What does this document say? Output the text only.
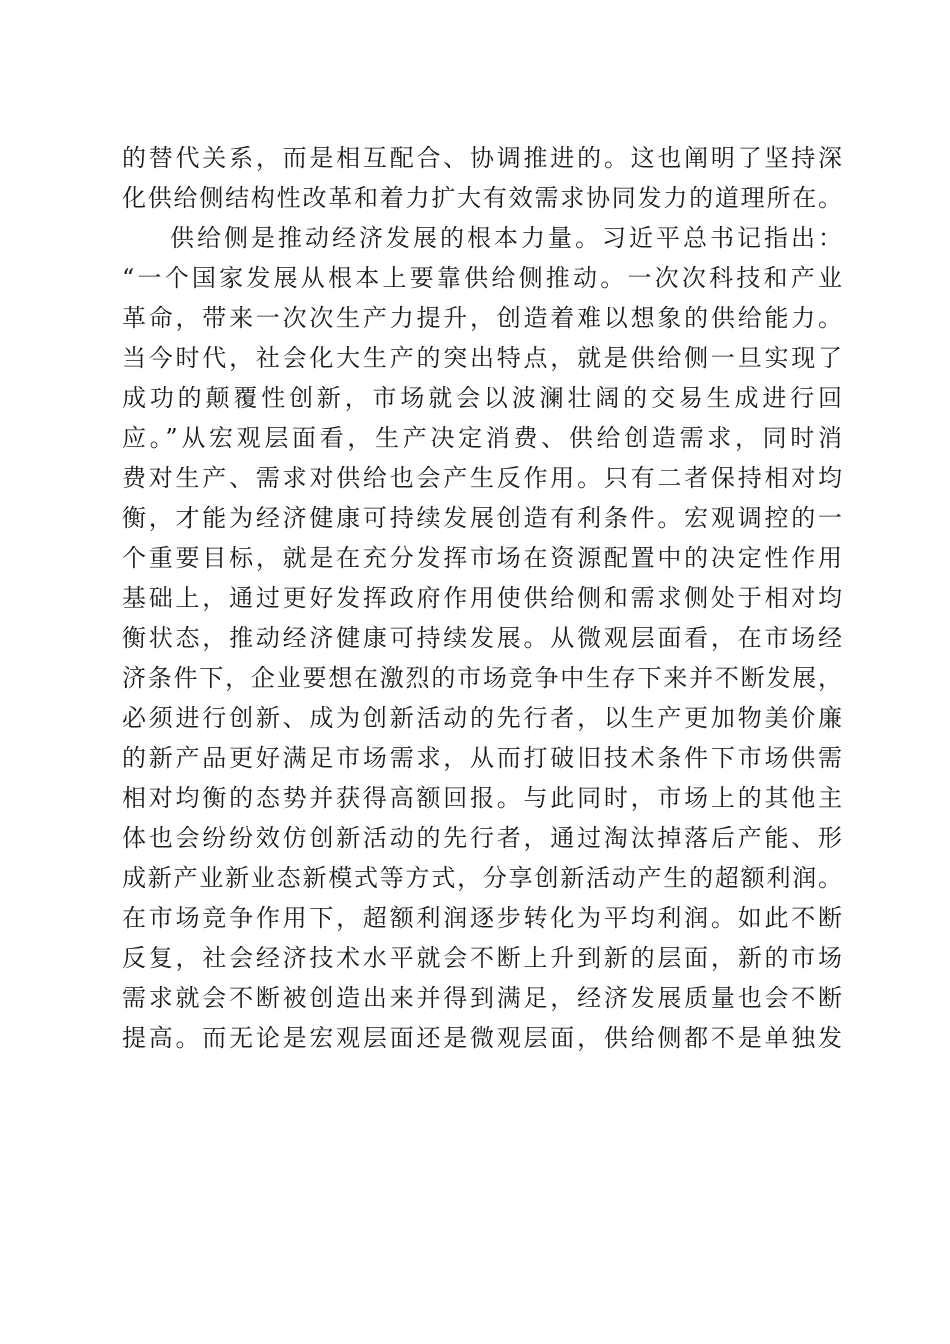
的替代关系，而是相互配合、协调推进的。这也阐明了坚持深
化供给侧结构性改革和着力扩大有效需求协同发力的道理所在。
供给侧是推动经济发展的根本力量。习近平总书记指出：
“一个国家发展从根本上要靠供给侧推动。一次次科技和产业
革命，带来一次次生产力提升，创造着难以想象的供给能力。
当今时代，社会化大生产的突出特点，就是供给侧一旦实现了
成功的颠覆性创新，市场就会以波澜壮阔的交易生成进行回
应。”从宏观层面看，生产决定消费、供给创造需求，同时消
费对生产、需求对供给也会产生反作用。只有二者保持相对均
衡，才能为经济健康可持续发展创造有利条件。宏观调控的一
个重要目标，就是在充分发挥市场在资源配置中的决定性作用
基础上，通过更好发挥政府作用使供给侧和需求侧处于相对均
衡状态，推动经济健康可持续发展。从微观层面看，在市场经
济条件下，企业要想在激烈的市场竞争中生存下来并不断发展，
必须进行创新、成为创新活动的先行者，以生产更加物美价廉
的新产品更好满足市场需求，从而打破旧技术条件下市场供需
相对均衡的态势并获得高额回报。与此同时，市场上的其他主
体也会纷纷效仿创新活动的先行者，通过淘汰掉落后产能、形
成新产业新业态新模式等方式，分享创新活动产生的超额利润。
在市场竞争作用下，超额利润逐步转化为平均利润。如此不断
反复，社会经济技术水平就会不断上升到新的层面，新的市场
需求就会不断被创造出来并得到满足，经济发展质量也会不断
提高。而无论是宏观层面还是微观层面，供给侧都不是单独发
